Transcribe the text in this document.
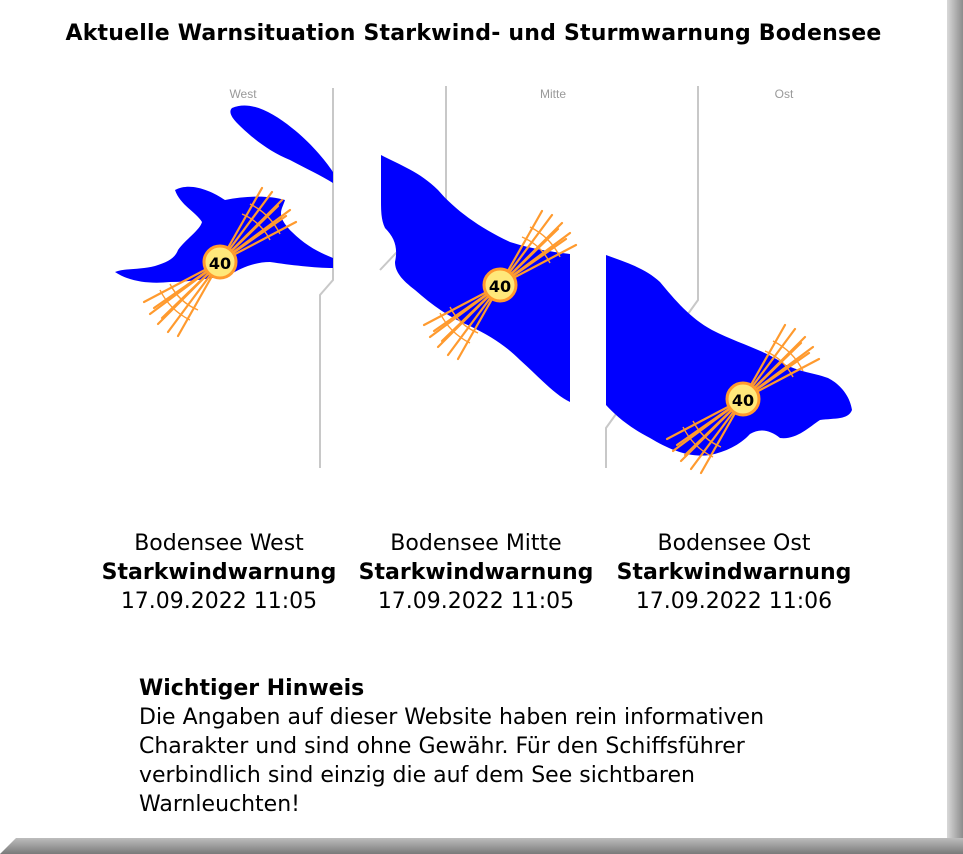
Aktuelle Warnsituation Starkwind- und Sturmwarnung Bodensee
West	Mitte	Ost
40
40
40
Bodensee West
Starkwindwarnung
17.09.2022 11:05
Bodensee Mitte
Starkwindwarnung
17.09.2022 11:05
Bodensee Ost
Starkwindwarnung
17.09.2022 11:06
Wichtiger Hinweis
Die Angaben auf dieser Website haben rein informativen Charakter und sind ohne Gewähr. Für den Schiffsführer verbindlich sind einzig die auf dem See sichtbaren Warnleuchten!
